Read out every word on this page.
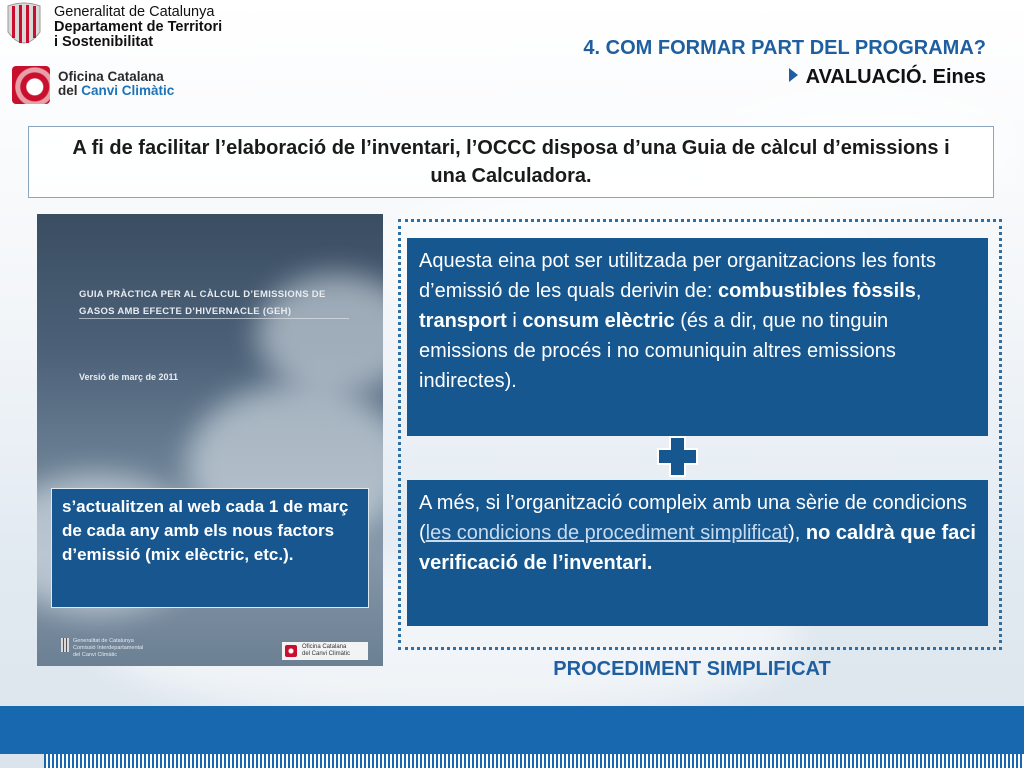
Generalitat de Catalunya
Departament de Territori
i Sostenibilitat
Oficina Catalana
del Canvi Climàtic
4. COM FORMAR PART DEL PROGRAMA?
AVALUACIÓ. Eines
A fi de facilitar l’elaboració de l’inventari, l’OCCC disposa d’una Guia de càlcul d’emissions i una Calculadora.
GUIA PRÀCTICA PER AL CÀLCUL D’EMISSIONS DE
GASOS AMB EFECTE D’HIVERNACLE (GEH)
Versió de març de 2011
Generalitat de Catalunya
Comissió Interdepartamental
del Canvi Climàtic
Oficina Catalana
del Canvi Climàtic
s’actualitzen al web cada 1 de març de cada any amb els nous factors d’emissió (mix elèctric, etc.).
Aquesta eina pot ser utilitzada per organitzacions les fonts d’emissió de les quals derivin de: combustibles fòssils, transport i consum elèctric (és a dir, que no tinguin emissions de procés i no comuniquin altres emissions indirectes).
A més, si l’organització compleix amb una sèrie de condicions (les condicions de procediment simplificat), no caldrà que faci verificació de l’inventari.
PROCEDIMENT SIMPLIFICAT
